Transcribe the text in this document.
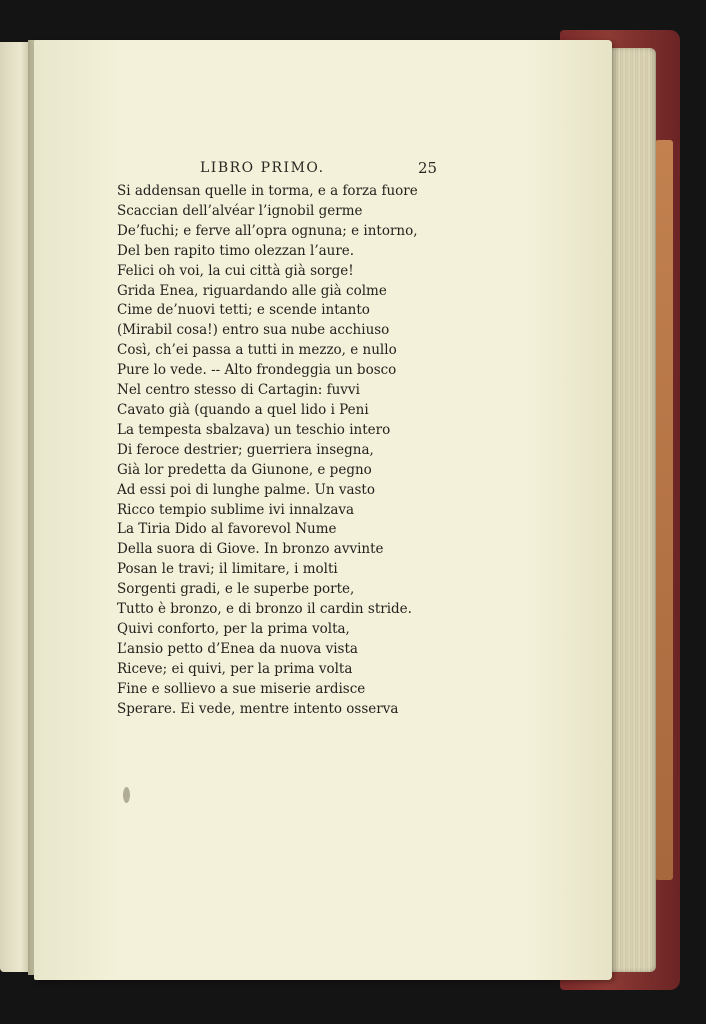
LIBRO PRIMO.	25
Si addensan quelle in torma, e a forza fuore
Scaccian dell’alvéar l’ignobil germe
De’fuchi; e ferve all’opra ognuna; e intorno,
Del ben rapito timo olezzan l’aure.
Felici oh voi, la cui città già sorge!
Grida Enea, riguardando alle già colme
Cime de’nuovi tetti; e scende intanto
(Mirabil cosa!) entro sua nube acchiuso
Così, ch’ei passa a tutti in mezzo, e nullo
Pure lo vede. -- Alto frondeggia un bosco
Nel centro stesso di Cartagin: fuvvi
Cavato già (quando a quel lido i Peni
La tempesta sbalzava) un teschio intero
Di feroce destrier; guerriera insegna,
Già lor predetta da Giunone, e pegno
Ad essi poi di lunghe palme. Un vasto
Ricco tempio sublime ivi innalzava
La Tiria Dido al favorevol Nume
Della suora di Giove. In bronzo avvinte
Posan le travi; il limitare, i molti
Sorgenti gradi, e le superbe porte,
Tutto è bronzo, e di bronzo il cardin stride.
Quivi conforto, per la prima volta,
L’ansio petto d’Enea da nuova vista
Riceve; ei quivi, per la prima volta
Fine e sollievo a sue miserie ardisce
Sperare. Ei vede, mentre intento osserva
